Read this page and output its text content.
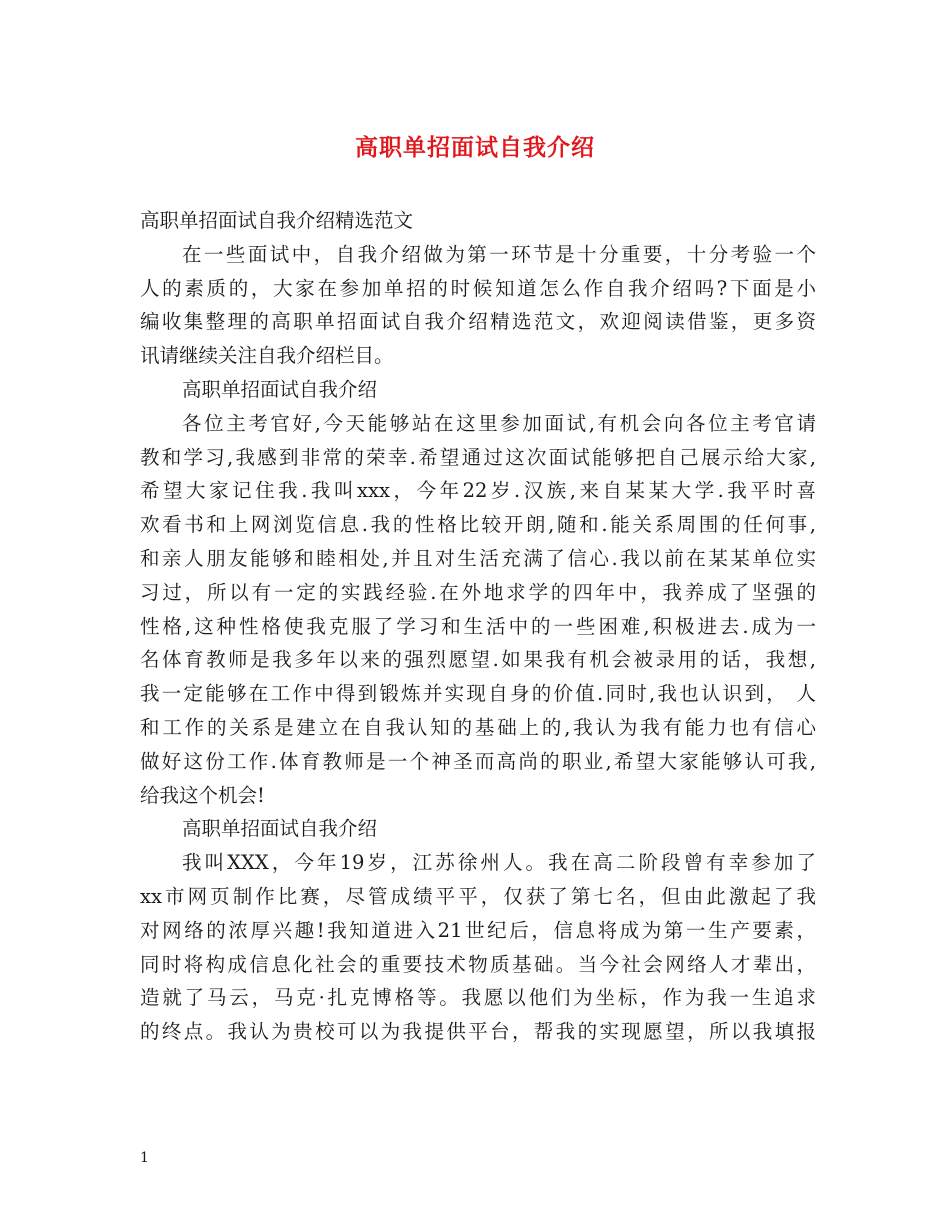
高职单招面试自我介绍
高职单招面试自我介绍精选范文
在一些面试中，自我介绍做为第一环节是十分重要，十分考验一个
人的素质的，大家在参加单招的时候知道怎么作自我介绍吗?下面是小
编收集整理的高职单招面试自我介绍精选范文，欢迎阅读借鉴，更多资
讯请继续关注自我介绍栏目。
高职单招面试自我介绍
各位主考官好,今天能够站在这里参加面试,有机会向各位主考官请
教和学习,我感到非常的荣幸.希望通过这次面试能够把自己展示给大家,
希望大家记住我.我叫xxx，今年22岁.汉族,来自某某大学.我平时喜
欢看书和上网浏览信息.我的性格比较开朗,随和.能关系周围的任何事,
和亲人朋友能够和睦相处,并且对生活充满了信心.我以前在某某单位实
习过，所以有一定的实践经验.在外地求学的四年中，我养成了坚强的
性格,这种性格使我克服了学习和生活中的一些困难,积极进去.成为一
名体育教师是我多年以来的强烈愿望.如果我有机会被录用的话，我想,
我一定能够在工作中得到锻炼并实现自身的价值.同时,我也认识到， 人
和工作的关系是建立在自我认知的基础上的,我认为我有能力也有信心
做好这份工作.体育教师是一个神圣而高尚的职业,希望大家能够认可我,
给我这个机会!
高职单招面试自我介绍
我叫XXX，今年19岁，江苏徐州人。我在高二阶段曾有幸参加了
xx市网页制作比赛，尽管成绩平平，仅获了第七名，但由此激起了我
对网络的浓厚兴趣!我知道进入21世纪后，信息将成为第一生产要素，
同时将构成信息化社会的重要技术物质基础。当今社会网络人才辈出，
造就了马云，马克·扎克博格等。我愿以他们为坐标，作为我一生追求
的终点。我认为贵校可以为我提供平台，帮我的实现愿望，所以我填报
1
